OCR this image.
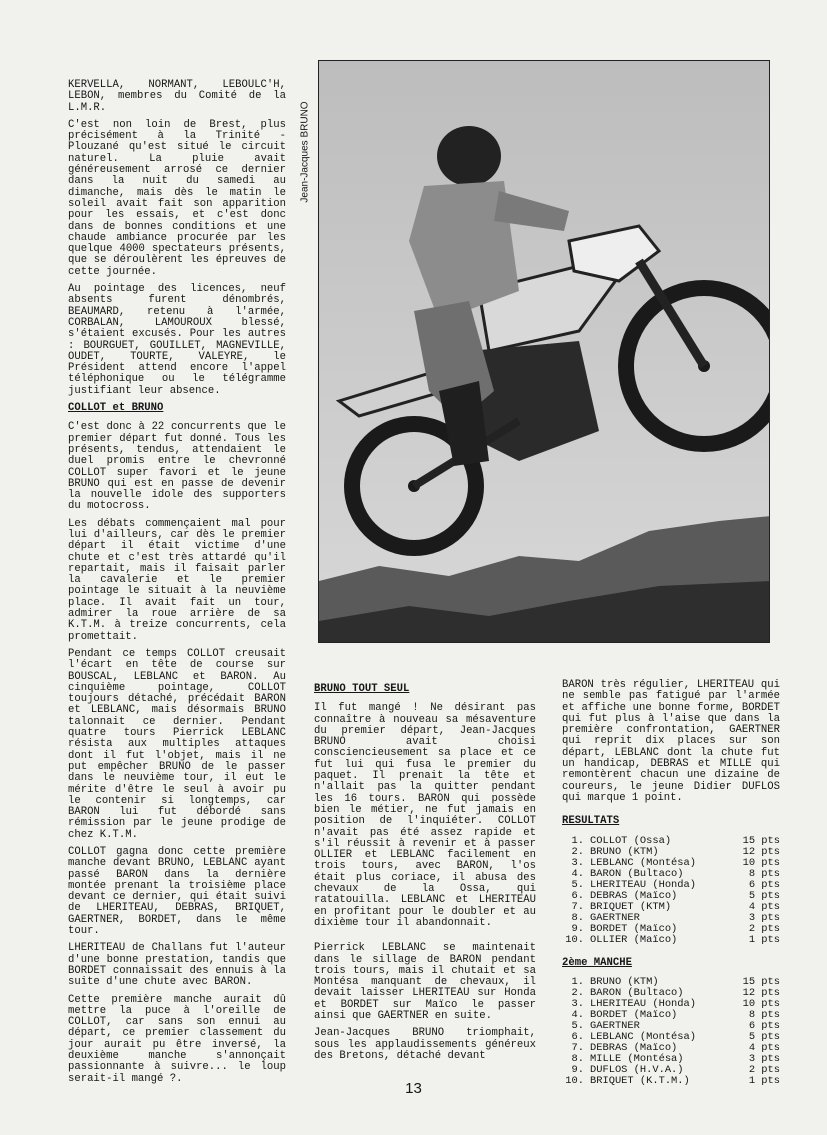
KERVELLA, NORMANT, LEBOULC'H, LEBON, membres du Comité de la L.M.R.

C'est non loin de Brest, plus précisément à la Trinité - Plouzané qu'est situé le circuit naturel. La pluie avait généreusement arrosé ce dernier dans la nuit du samedi au dimanche, mais dès le matin le soleil avait fait son apparition pour les essais, et c'est donc dans de bonnes conditions et une chaude ambiance procurée par les quelque 4000 spectateurs présents, que se déroulèrent les épreuves de cette journée.

Au pointage des licences, neuf absents furent dénombrés, BEAUMARD, retenu à l'armée, CORBALAN, LAMOUROUX blessé, s'étaient excusés. Pour les autres : BOURGUET, GOUILLET, MAGNEVILLE, OUDET, TOURTE, VALEYRE, le Président attend encore l'appel téléphonique ou le télégramme justifiant leur absence.

COLLOT et BRUNO

C'est donc à 22 concurrents que le premier départ fut donné. Tous les présents, tendus, attendaient le duel promis entre le chevronné COLLOT super favori et le jeune BRUNO qui est en passe de devenir la nouvelle idole des supporters du motocross.

Les débats commençaient mal pour lui d'ailleurs, car dès le premier départ il était victime d'une chute et c'est très attardé qu'il repartait, mais il faisait parler la cavalerie et le premier pointage le situait à la neuvième place. Il avait fait un tour, admirer la roue arrière de sa K.T.M. à treize concurrents, cela promettait.

Pendant ce temps COLLOT creusait l'écart en tête de course sur BOUSCAL, LEBLANC et BARON. Au cinquième pointage, COLLOT toujours détaché, précédait BARON et LEBLANC, mais désormais BRUNO talonnait ce dernier. Pendant quatre tours Pierrick LEBLANC résista aux multiples attaques dont il fut l'objet, mais il ne put empêcher BRUNO de le passer dans le neuvième tour, il eut le mérite d'être le seul à avoir pu le contenir si longtemps, car BARON lui fut débordé sans rémission par le jeune prodige de chez K.T.M.

COLLOT gagna donc cette première manche devant BRUNO, LEBLANC ayant passé BARON dans la dernière montée prenant la troisième place devant ce dernier, qui était suivi de LHERITEAU, DEBRAS, BRIQUET, GAERTNER, BORDET, dans le même tour.

LHERITEAU de Challans fut l'auteur d'une bonne prestation, tandis que BORDET connaissait des ennuis à la suite d'une chute avec BARON.

Cette première manche aurait dû mettre la puce à l'oreille de COLLOT, car sans son ennui au départ, ce premier classement du jour aurait pu être inversé, la deuxième manche s'annonçait passionnante à suivre... le loup serait-il mangé ?.

Jean-Jacques BRUNO
BRUNO TOUT SEUL

Il fut mangé ! Ne désirant pas connaître à nouveau sa mésaventure du premier départ, Jean-Jacques BRUNO avait choisi consciencieusement sa place et ce fut lui qui fusa le premier du paquet. Il prenait la tête et n'allait pas la quitter pendant les 16 tours. BARON qui possède bien le métier, ne fut jamais en position de l'inquiéter. COLLOT n'avait pas été assez rapide et s'il réussit à revenir et à passer OLLIER et LEBLANC facilement en trois tours, avec BARON, l'os était plus coriace, il abusa des chevaux de la Ossa, qui ratatouilla. LEBLANC et LHERITEAU en profitant pour le doubler et au dixième tour il abandonnait.

Pierrick LEBLANC se maintenait dans le sillage de BARON pendant trois tours, mais il chutait et sa Montésa manquant de chevaux, il devait laisser LHERITEAU sur Honda et BORDET sur Maïco le passer ainsi que GAERTNER en suite.

Jean-Jacques BRUNO triomphait, sous les applaudissements généreux des Bretons, détaché devant

BARON très régulier, LHERITEAU qui ne semble pas fatigué par l'armée et affiche une bonne forme, BORDET qui fut plus à l'aise que dans la première confrontation, GAERTNER qui reprit dix places sur son départ, LEBLANC dont la chute fut un handicap, DEBRAS et MILLE qui remontèrent chacun une dizaine de coureurs, le jeune Didier DUFLOS qui marque 1 point.

RESULTATS
1.	COLLOT (Ossa)	15 pts
2.	BRUNO (KTM)	12 pts
3.	LEBLANC (Montésa)	10 pts
4.	BARON (Bultaco)	8 pts
5.	LHERITEAU (Honda)	6 pts
6.	DEBRAS (Maïco)	5 pts
7.	BRIQUET (KTM)	4 pts
8.	GAERTNER	3 pts
9.	BORDET (Maïco)	2 pts
10.	OLLIER (Maïco)	1 pts
2ème MANCHE
1.	BRUNO (KTM)	15 pts
2.	BARON (Bultaco)	12 pts
3.	LHERITEAU (Honda)	10 pts
4.	BORDET (Maïco)	8 pts
5.	GAERTNER	6 pts
6.	LEBLANC (Montésa)	5 pts
7.	DEBRAS (Maïco)	4 pts
8.	MILLE (Montésa)	3 pts
9.	DUFLOS (H.V.A.)	2 pts
10.	BRIQUET (K.T.M.)	1 pts
13
